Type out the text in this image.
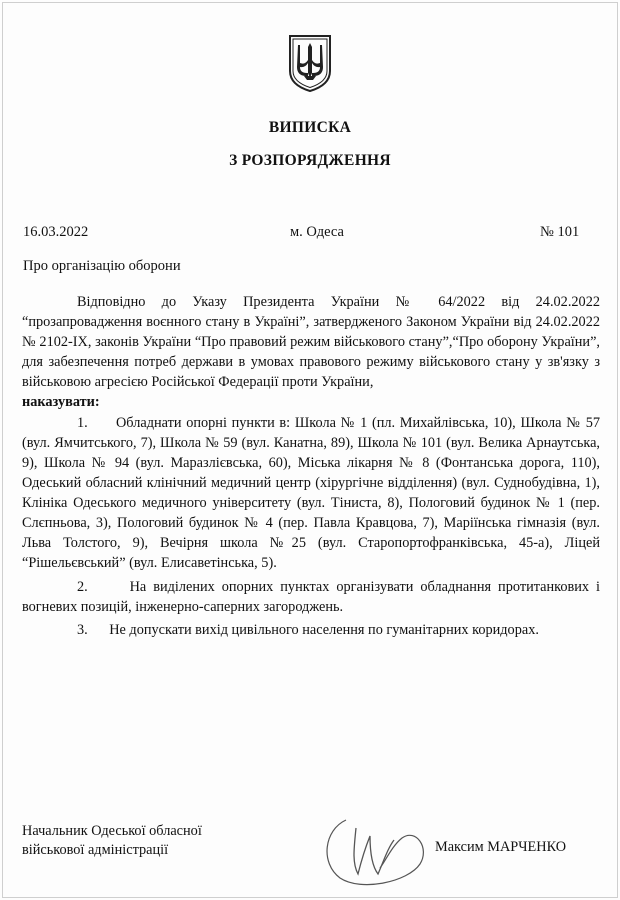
ВИПИСКА
З РОЗПОРЯДЖЕННЯ
16.03.2022	м. Одеса	№ 101
Про організацію оборони

Відповідно до Указу Президента України № 64/2022 від 24.02.2022 “прозапровадження воєнного стану в Україні”, затвердженого Законом України від 24.02.2022 № 2102-IX, законів України “Про правовий режим військового стану”,“Про оборону України”, для забезпечення потреб держави в умовах правового режиму військового стану у зв'язку з військовою агресією Російської Федерації проти України,

наказувати:

1. Обладнати опорні пункти в: Школа № 1 (пл. Михайлівська, 10), Школа № 57 (вул. Ямчитського, 7), Школа № 59 (вул. Канатна, 89), Школа № 101 (вул. Велика Арнаутська, 9), Школа № 94 (вул. Маразлієвська, 60), Міська лікарня № 8 (Фонтанська дорога, 110), Одеський обласний клінічний медичний центр (хірургічне відділення) (вул. Суднобудівна, 1), Клініка Одеського медичного університету (вул. Тіниста, 8), Пологовий будинок № 1 (пер. Слєпньова, 3), Пологовий будинок № 4 (пер. Павла Кравцова, 7), Маріїнська гімназія (вул. Льва Толстого, 9), Вечірня школа №25 (вул. Старопортофранківська, 45-а), Ліцей “Рішельєвський” (вул. Елисаветінська, 5).

2.	На виділених опорних пунктах організувати обладнання протитанкових і вогневих позицій, інженерно-саперних загороджень.

3. Не допускати вихід цивільного населення по гуманітарних коридорах.

Начальник Одеської обласної
військової адміністрації	Максим МАРЧЕНКО
